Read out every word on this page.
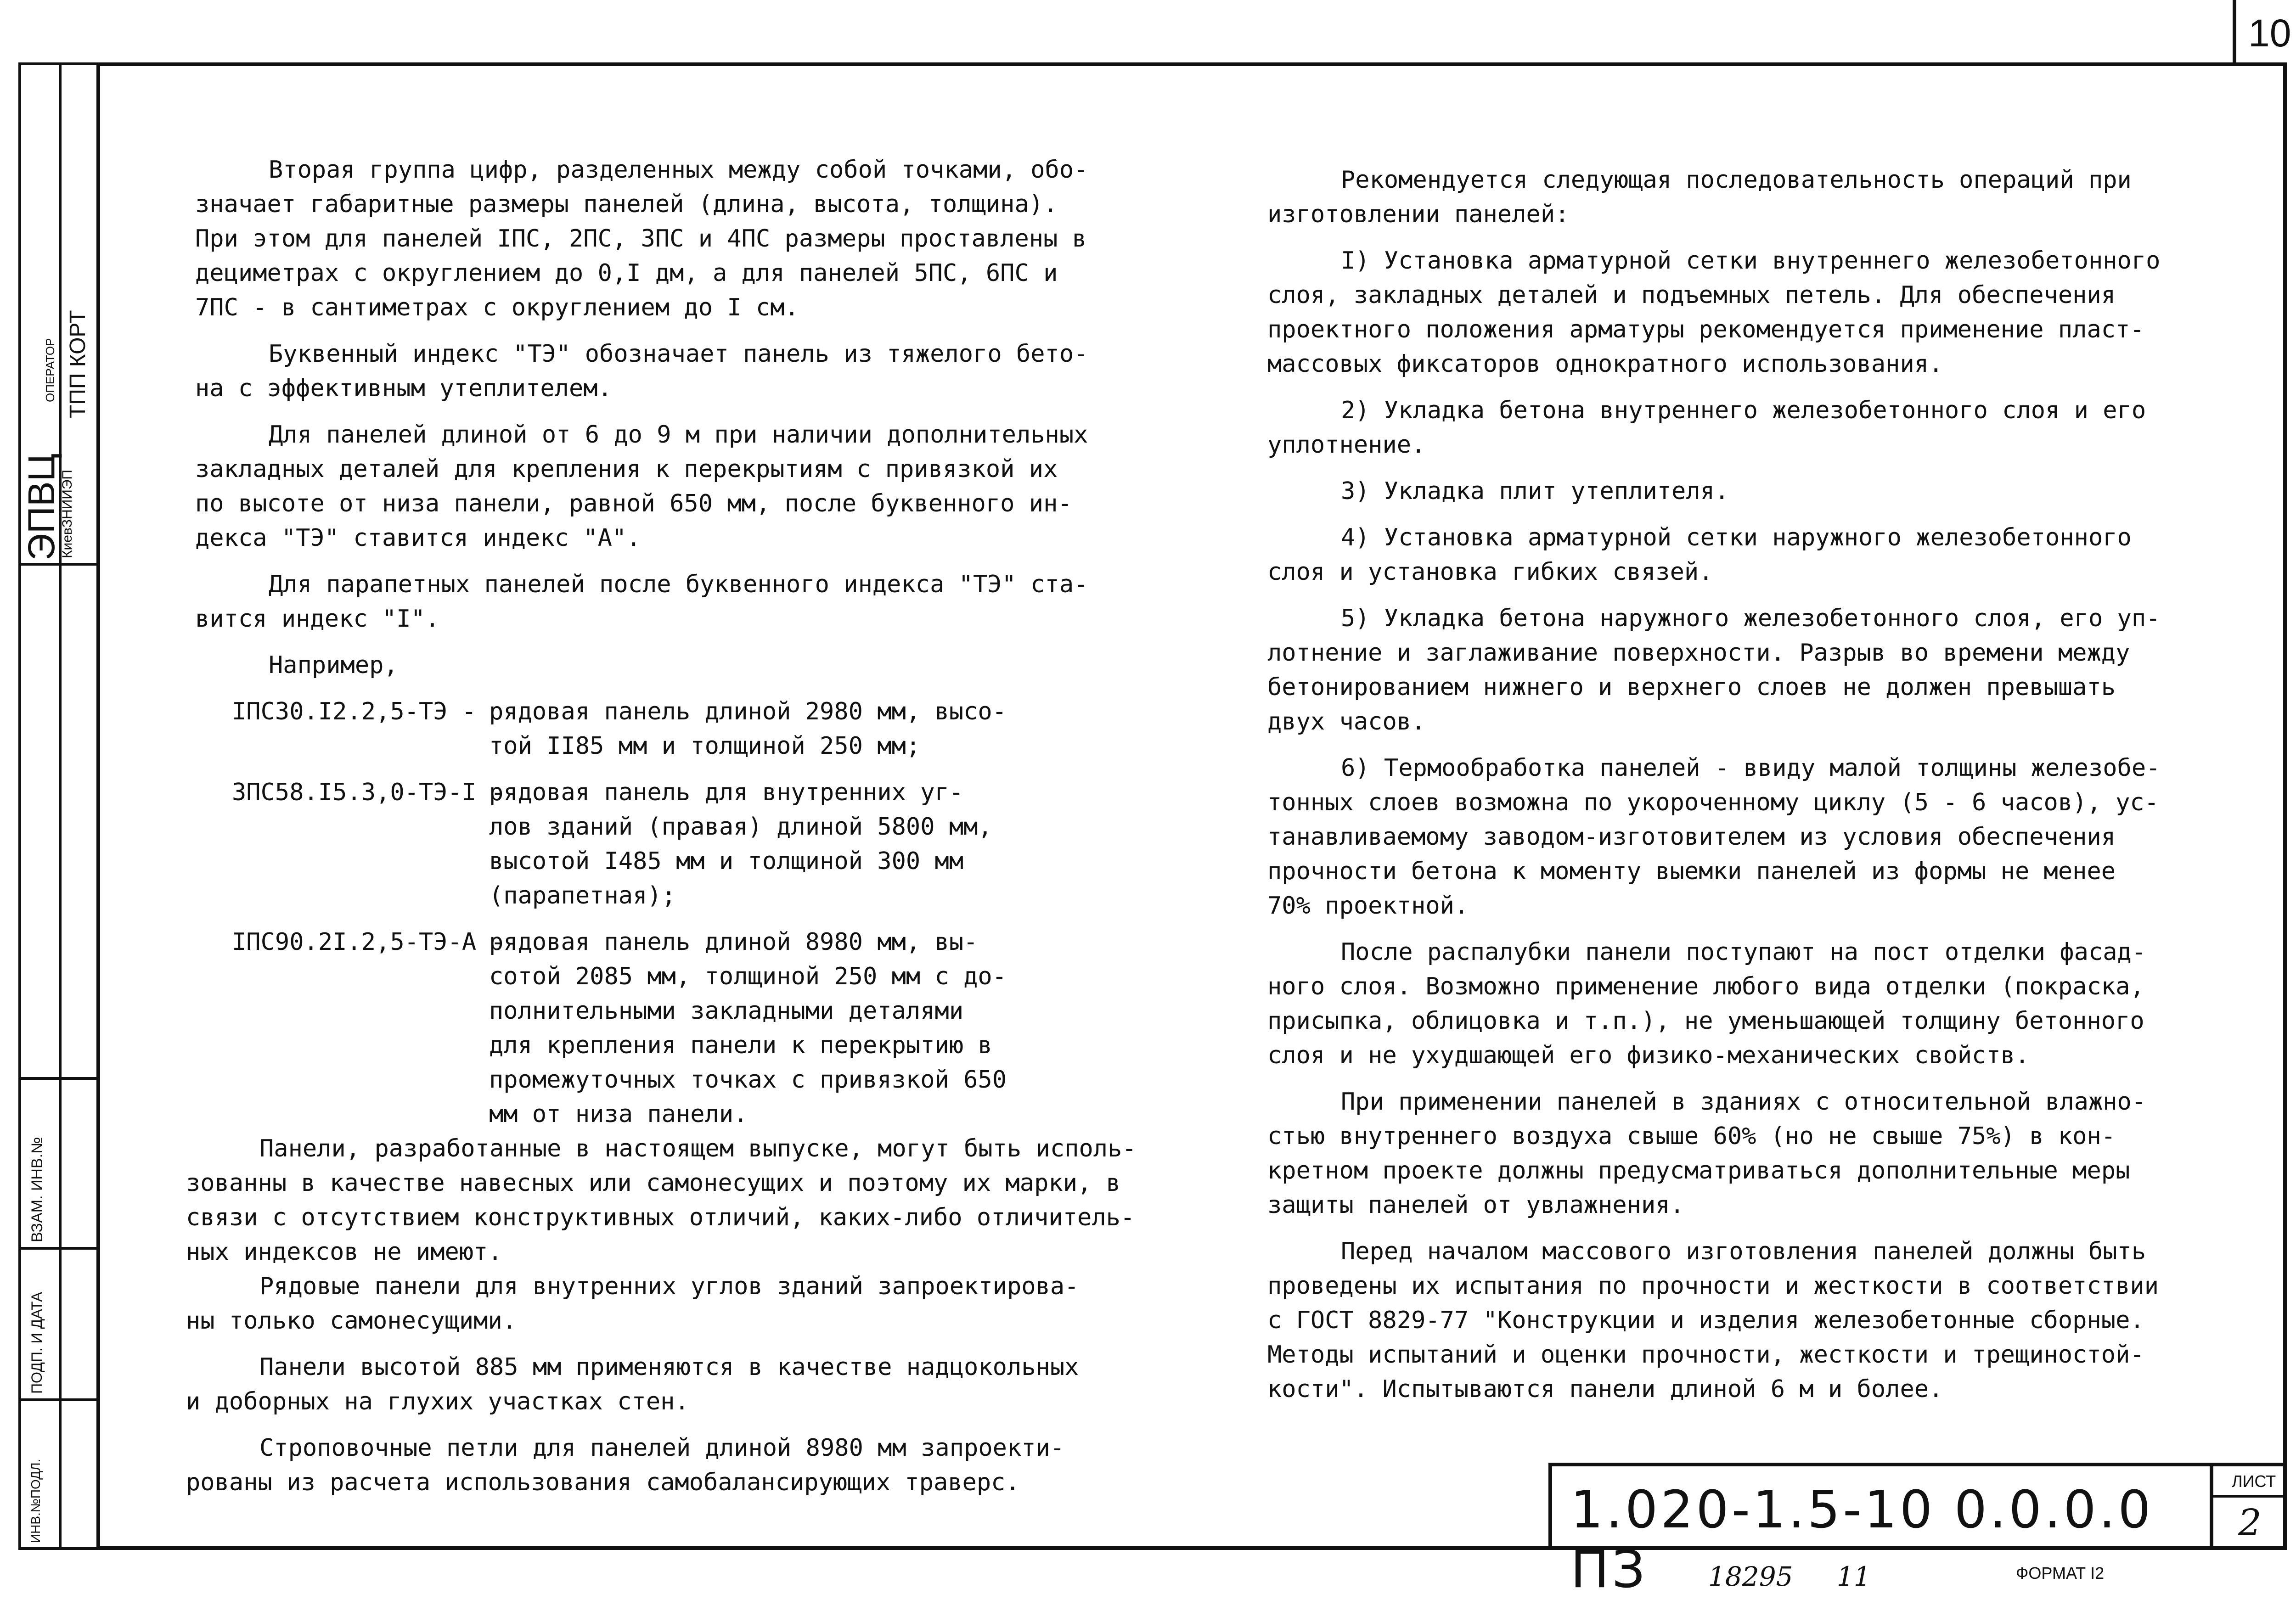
10
ЭПВЦ
КиевЗНИИЭП
ОПЕРАТОР ТПП КОРТ
ВЗАМ. ИНВ.№
ПОДП. И ДАТА
ИНВ.№ПОДЛ.

Вторая группа цифр, разделенных между собой точками, обо-

значает габаритные размеры панелей (длина, высота, толщина).

При этом для панелей IПС, 2ПС, 3ПС и 4ПС размеры проставлены в

дециметрах с округлением до 0,I дм, а для панелей 5ПС, 6ПС и

7ПС - в сантиметрах с округлением до I см.

Буквенный индекс "ТЭ" обозначает панель из тяжелого бето-

на с эффективным утеплителем.

Для панелей длиной от 6 до 9 м при наличии дополнительных

закладных деталей для крепления к перекрытиям с привязкой их

по высоте от низа панели, равной 650 мм, после буквенного ин-

декса "ТЭ" ставится индекс "А".

Для парапетных панелей после буквенного индекса "ТЭ" ста-

вится индекс "I".

Например,

IПС30.I2.2,5-ТЭ - рядовая панель длиной 2980 мм, высо-
той II85 мм и толщиной 250 мм;
3ПС58.I5.3,0-ТЭ-I -
рядовая панель для внутренних уг-
лов зданий (правая) длиной 5800 мм,
высотой I485 мм и толщиной 300 мм
(парапетная);
IПС90.2I.2,5-ТЭ-А -
рядовая панель длиной 8980 мм, вы-
сотой 2085 мм, толщиной 250 мм с до-
полнительными закладными деталями
для крепления панели к перекрытию в
промежуточных точках с привязкой 650
мм от низа панели.

Панели, разработанные в настоящем выпуске, могут быть исполь-

зованны в качестве навесных или самонесущих и поэтому их марки, в

связи с отсутствием конструктивных отличий, каких-либо отличитель-

ных индексов не имеют.

Рядовые панели для внутренних углов зданий запроектирова-

ны только самонесущими.

Панели высотой 885 мм применяются в качестве надцокольных

и доборных на глухих участках стен.

Строповочные петли для панелей длиной 8980 мм запроекти-

рованы из расчета использования самобалансирующих траверс.

Рекомендуется следующая последовательность операций при

изготовлении панелей:

I) Установка арматурной сетки внутреннего железобетонного

слоя, закладных деталей и подъемных петель. Для обеспечения

проектного положения арматуры рекомендуется применение пласт-

массовых фиксаторов однократного использования.

2) Укладка бетона внутреннего железобетонного слоя и его

уплотнение.

3) Укладка плит утеплителя.

4) Установка арматурной сетки наружного железобетонного

слоя и установка гибких связей.

5) Укладка бетона наружного железобетонного слоя, его уп-

лотнение и заглаживание поверхности. Разрыв во времени между

бетонированием нижнего и верхнего слоев не должен превышать

двух часов.

6) Термообработка панелей - ввиду малой толщины железобе-

тонных слоев возможна по укороченному циклу (5 - 6 часов), ус-

танавливаемому заводом-изготовителем из условия обеспечения

прочности бетона к моменту выемки панелей из формы не менее

70% проектной.

После распалубки панели поступают на пост отделки фасад-

ного слоя. Возможно применение любого вида отделки (покраска,

присыпка, облицовка и т.п.), не уменьшающей толщину бетонного

слоя и не ухудшающей его физико-механических свойств.

При применении панелей в зданиях с относительной влажно-

стью внутреннего воздуха свыше 60% (но не свыше 75%) в кон-

кретном проекте должны предусматриваться дополнительные меры

защиты панелей от увлажнения.

Перед началом массового изготовления панелей должны быть

проведены их испытания по прочности и жесткости в соответствии

с ГОСТ 8829-77 "Конструкции и изделия железобетонные сборные.

Методы испытаний и оценки прочности, жесткости и трещиностой-

кости". Испытываются панели длиной 6 м и более.

1.020-1.5-10 0.0.0.0 ПЗ
ЛИСТ
2
18295 11	ФОРМАТ I2
